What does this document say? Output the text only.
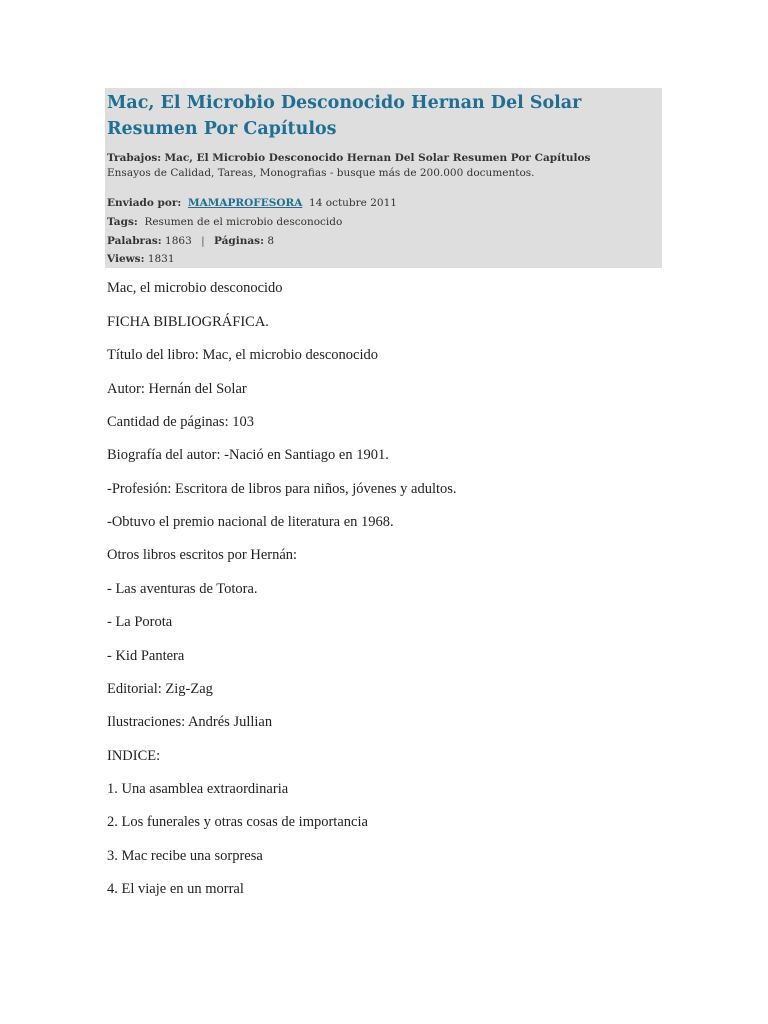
Mac, El Microbio Desconocido Hernan Del Solar Resumen Por Capítulos

Trabajos: Mac, El Microbio Desconocido Hernan Del Solar Resumen Por Capítulos

Ensayos de Calidad, Tareas, Monografias - busque más de 200.000 documentos.

Enviado por: MAMAPROFESORA 14 octubre 2011

Tags: Resumen de el microbio desconocido

Palabras: 1863 | Páginas: 8

Views: 1831

Mac, el microbio desconocido

FICHA BIBLIOGRÁFICA.

Título del libro: Mac, el microbio desconocido

Autor: Hernán del Solar

Cantidad de páginas: 103

Biografía del autor: -Nació en Santiago en 1901.

-Profesión: Escritora de libros para niños, jóvenes y adultos.

-Obtuvo el premio nacional de literatura en 1968.

Otros libros escritos por Hernán:

- Las aventuras de Totora.

- La Porota

- Kid Pantera

Editorial: Zig-Zag

Ilustraciones: Andrés Jullian

INDICE:

1. Una asamblea extraordinaria

2. Los funerales y otras cosas de importancia

3. Mac recibe una sorpresa

4. El viaje en un morral
